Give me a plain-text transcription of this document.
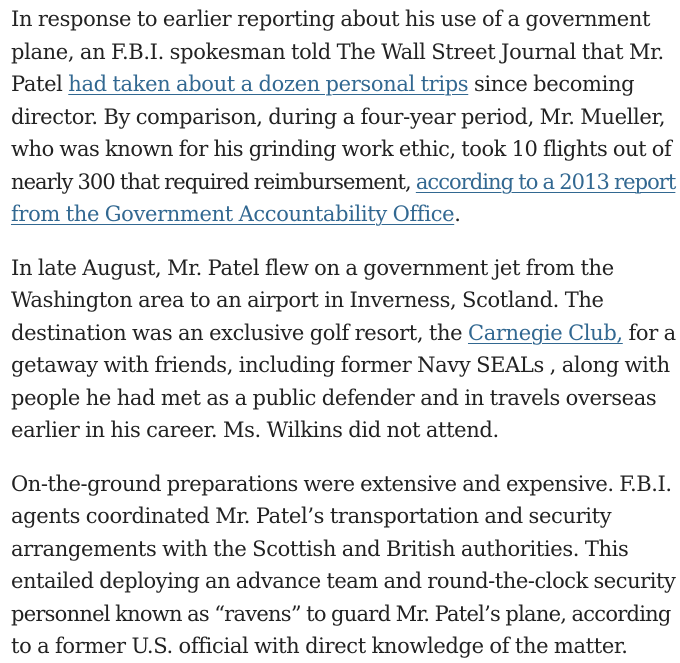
In response to earlier reporting about his use of a government
plane, an F.B.I. spokesman told The Wall Street Journal that Mr.
Patel had taken about a dozen personal trips since becoming
director. By comparison, during a four-year period, Mr. Mueller,
who was known for his grinding work ethic, took 10 flights out of
nearly 300 that required reimbursement, according to a 2013 report
from the Government Accountability Office.

In late August, Mr. Patel flew on a government jet from the
Washington area to an airport in Inverness, Scotland. The
destination was an exclusive golf resort, the Carnegie Club, for a
getaway with friends, including former Navy SEALs , along with
people he had met as a public defender and in travels overseas
earlier in his career. Ms. Wilkins did not attend.

On-the-ground preparations were extensive and expensive. F.B.I.
agents coordinated Mr. Patel’s transportation and security
arrangements with the Scottish and British authorities. This
entailed deploying an advance team and round-the-clock security
personnel known as “ravens” to guard Mr. Patel’s plane, according
to a former U.S. official with direct knowledge of the matter.
